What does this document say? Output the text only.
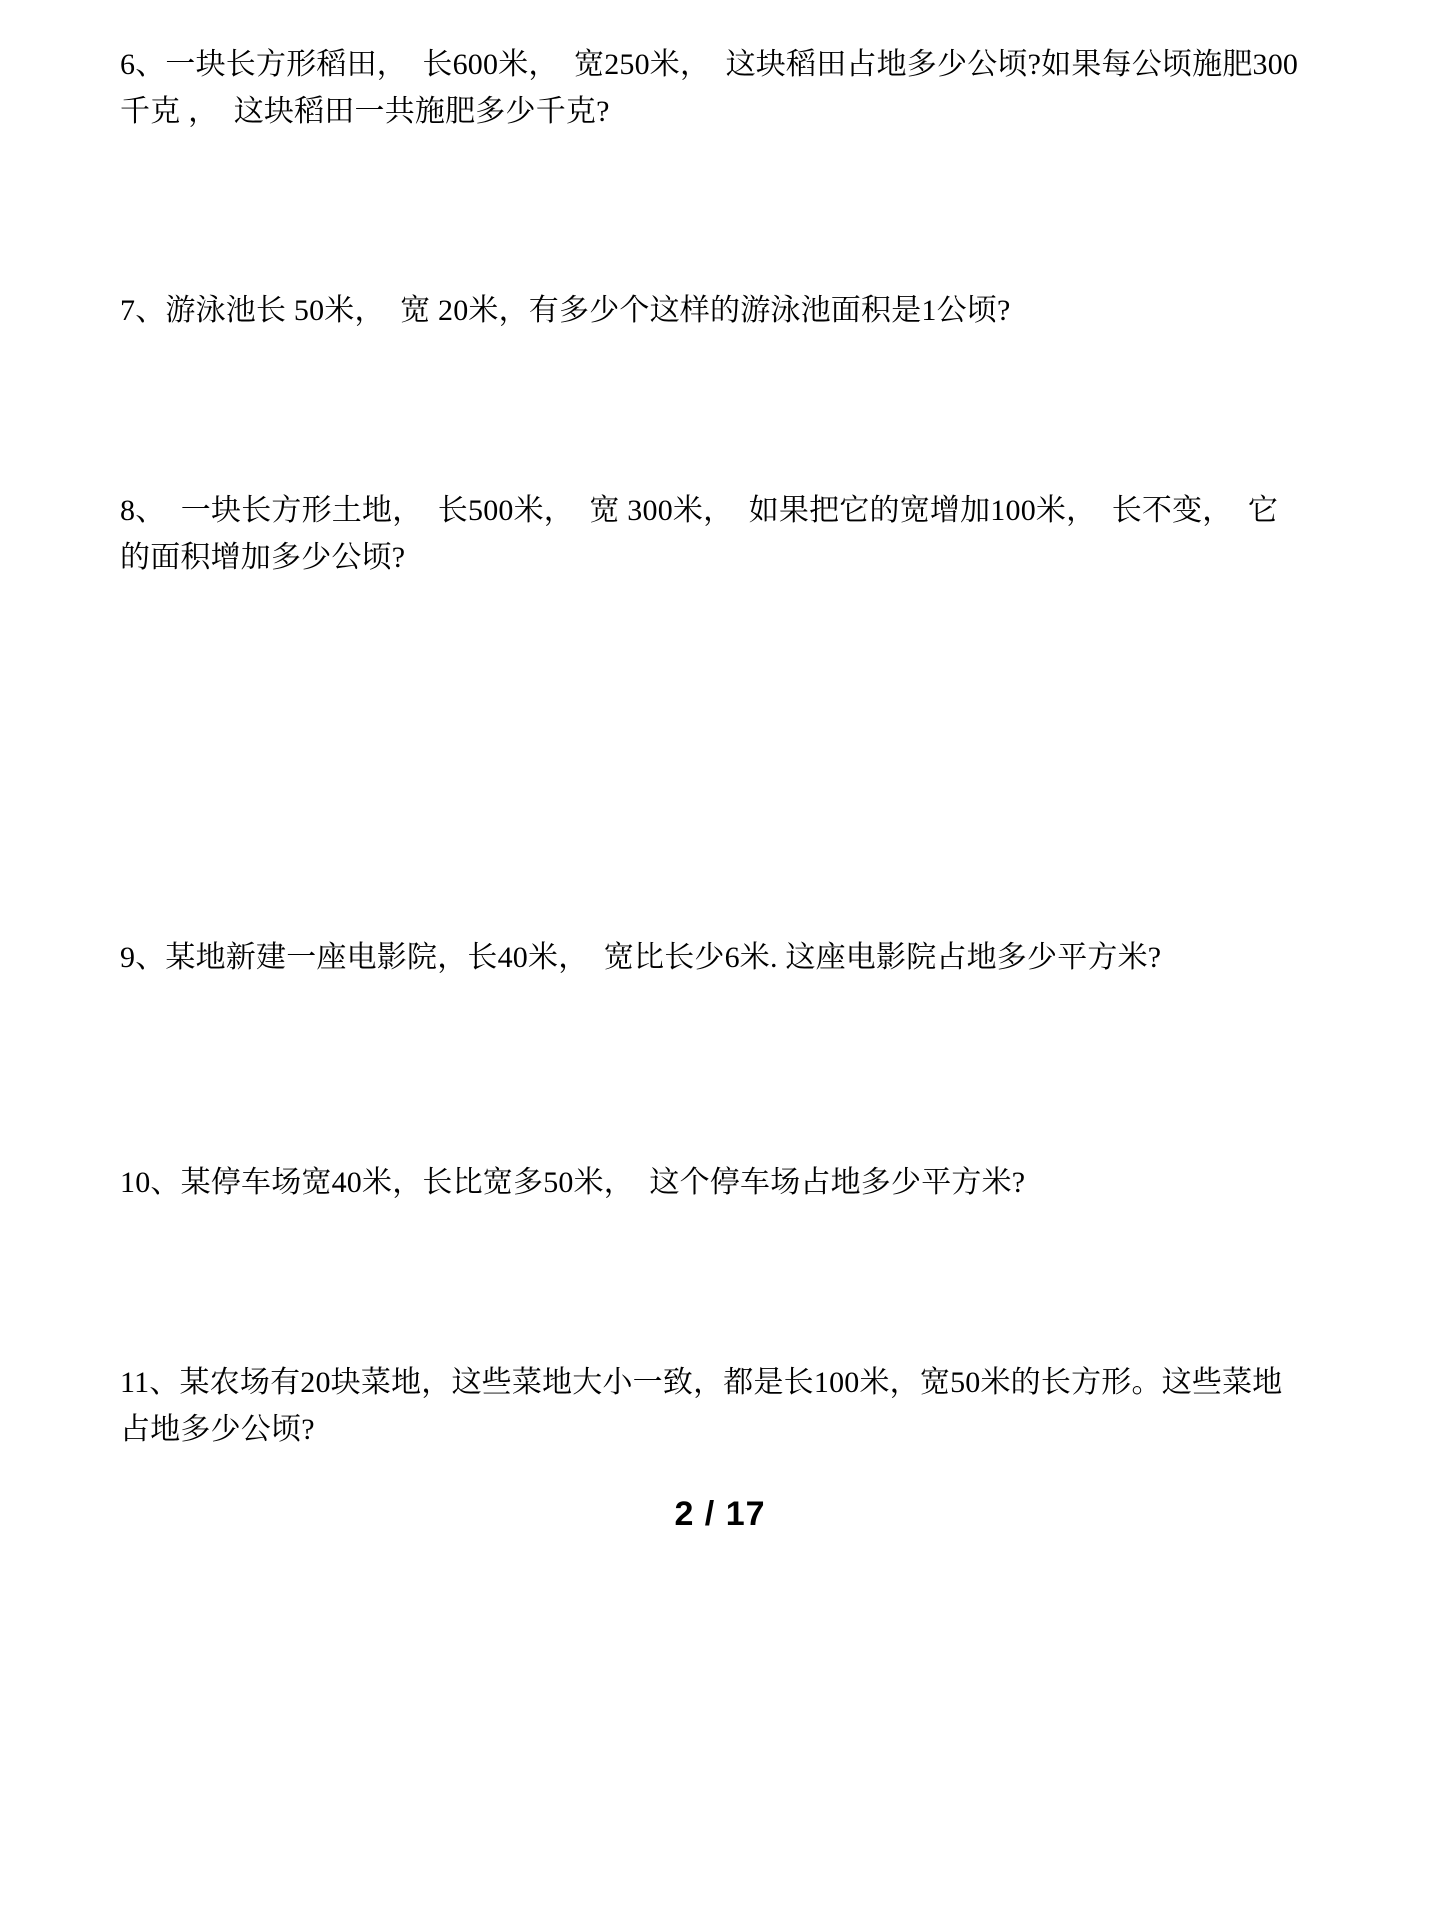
6、一块长方形稻田，  长600米，  宽250米，  这块稻田占地多少公顷?如果每公顷施肥300千克 ，  这块稻田一共施肥多少千克?
7、游泳池长 50米，  宽 20米，有多少个这样的游泳池面积是1公顷?
8、  一块长方形土地，  长500米，  宽 300米，  如果把它的宽增加100米，  长不变，  它的面积增加多少公顷?
9、某地新建一座电影院，长40米，  宽比长少6米. 这座电影院占地多少平方米?
10、某停车场宽40米，长比宽多50米，  这个停车场占地多少平方米?
11、某农场有20块菜地，这些菜地大小一致，都是长100米，宽50米的长方形。这些菜地占地多少公顷?
2 / 17
